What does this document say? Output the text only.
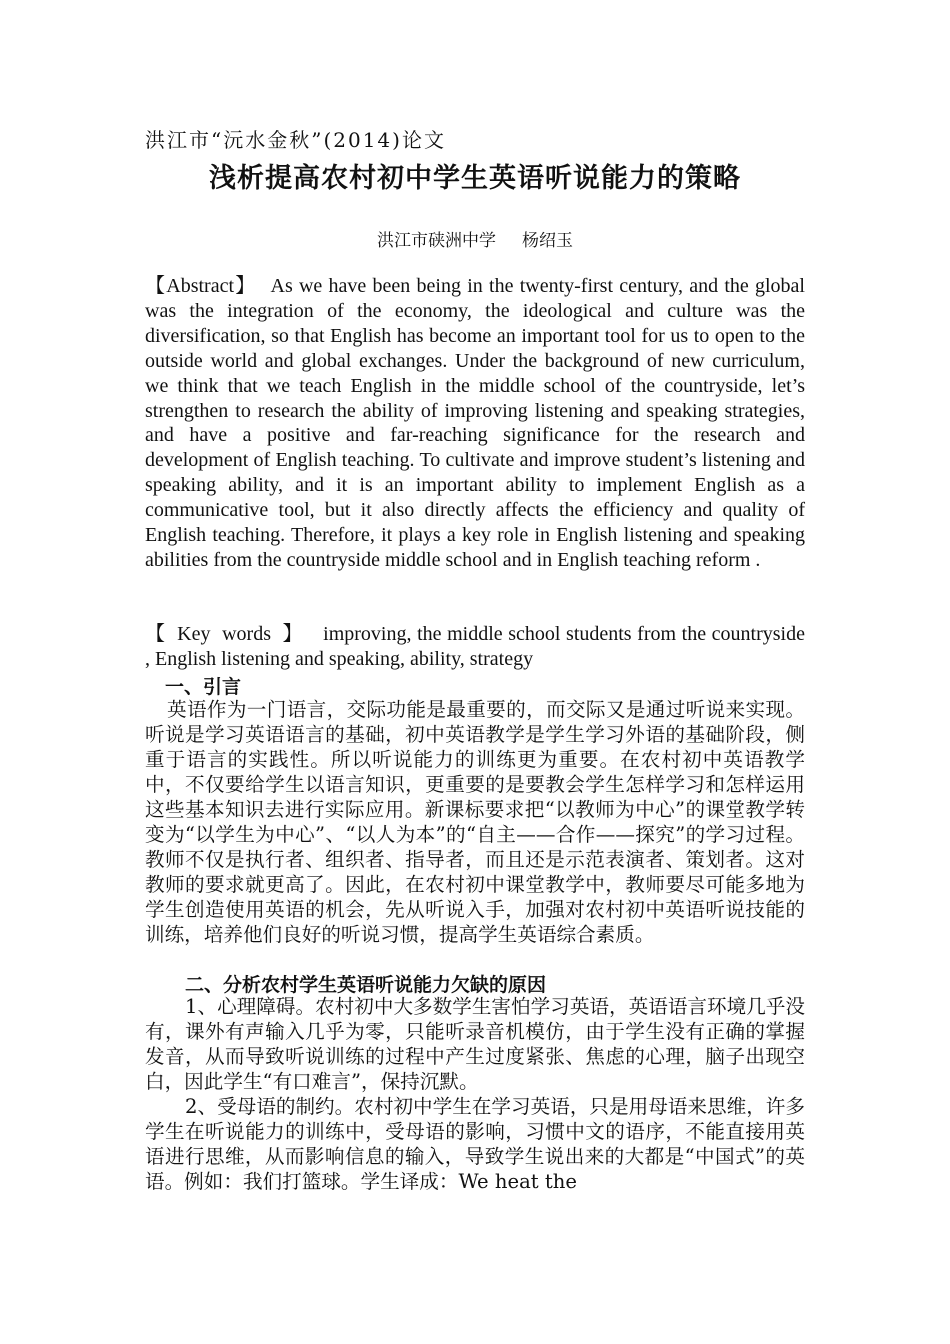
洪江市“沅水金秋”(2014)论文
浅析提高农村初中学生英语听说能力的策略
洪江市硖洲中学 杨绍玉

【Abstract】 As we have been being in the twenty-first century, and the global was the integration of the economy, the ideological and culture was the diversification, so that English has become an important tool for us to open to the outside world and global exchanges. Under the background of new curriculum, we think that we teach English in the middle school of the countryside, let’s strengthen to research the ability of improving listening and speaking strategies, and have a positive and far-reaching significance for the research and development of English teaching. To cultivate and improve student’s listening and speaking ability, and it is an important ability to implement English as a communicative tool, but it also directly affects the efficiency and quality of English teaching. Therefore, it plays a key role in English listening and speaking abilities from the countryside middle school and in English teaching reform .

【 Key words 】 improving, the middle school students from the countryside , English listening and speaking, ability, strategy

一、引言

英语作为一门语言，交际功能是最重要的，而交际又是通过听说来实现。听说是学习英语语言的基础，初中英语教学是学生学习外语的基础阶段，侧重于语言的实践性。所以听说能力的训练更为重要。在农村初中英语教学中，不仅要给学生以语言知识，更重要的是要教会学生怎样学习和怎样运用这些基本知识去进行实际应用。新课标要求把“以教师为中心”的课堂教学转变为“以学生为中心”、“以人为本”的“自主——合作——探究”的学习过程。教师不仅是执行者、组织者、指导者，而且还是示范表演者、策划者。这对教师的要求就更高了。因此，在农村初中课堂教学中，教师要尽可能多地为学生创造使用英语的机会，先从听说入手，加强对农村初中英语听说技能的训练，培养他们良好的听说习惯，提高学生英语综合素质。

二、分析农村学生英语听说能力欠缺的原因

1、心理障碍。农村初中大多数学生害怕学习英语，英语语言环境几乎没有，课外有声输入几乎为零，只能听录音机模仿，由于学生没有正确的掌握发音，从而导致听说训练的过程中产生过度紧张、焦虑的心理，脑子出现空白，因此学生“有口难言”，保持沉默。

2、受母语的制约。农村初中学生在学习英语，只是用母语来思维，许多学生在听说能力的训练中，受母语的影响，习惯中文的语序，不能直接用英语进行思维，从而影响信息的输入，导致学生说出来的大都是“中国式”的英语。例如：我们打篮球。学生译成：We heat the
